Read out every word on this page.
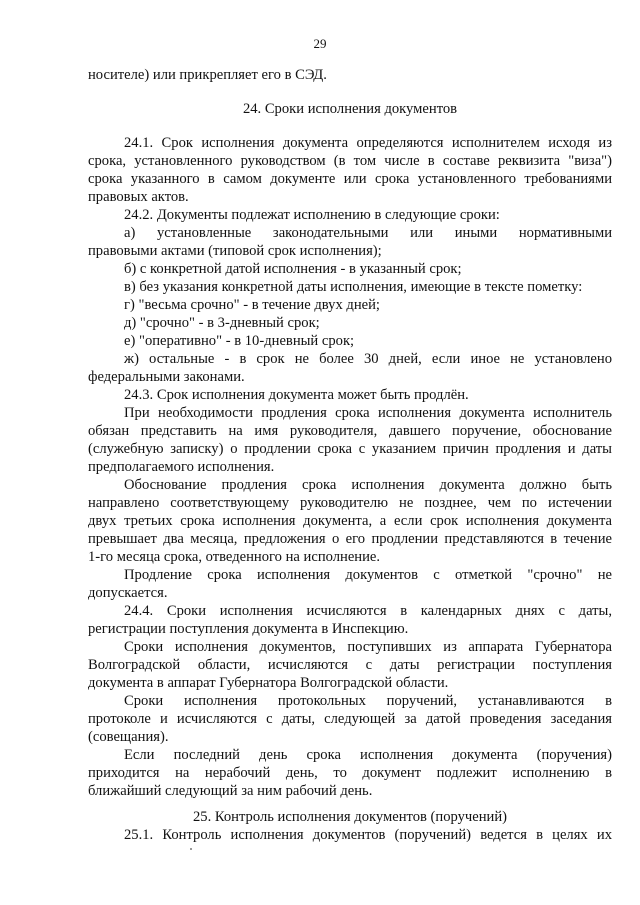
29
носителе) или прикрепляет его в СЭД.
24. Сроки исполнения документов
24.1. Срок исполнения документа определяются исполнителем исходя из
срока, установленного руководством (в том числе в составе реквизита "виза")
срока указанного в самом документе или срока установленного требованиями
правовых актов.
24.2. Документы подлежат исполнению в следующие сроки:
а) установленные законодательными или иными нормативными
правовыми актами (типовой срок исполнения);
б) с конкретной датой исполнения - в указанный срок;
в) без указания конкретной даты исполнения, имеющие в тексте пометку:
г) "весьма срочно" - в течение двух дней;
д) "срочно" - в 3-дневный срок;
е) "оперативно" - в 10-дневный срок;
ж) остальные - в срок не более 30 дней, если иное не установлено
федеральными законами.
24.3. Срок исполнения документа может быть продлён.
При необходимости продления срока исполнения документа исполнитель
обязан представить на имя руководителя, давшего поручение, обоснование
(служебную записку) о продлении срока с указанием причин продления и даты
предполагаемого исполнения.
Обоснование продления срока исполнения документа должно быть
направлено соответствующему руководителю не позднее, чем по истечении
двух третьих срока исполнения документа, а если срок исполнения документа
превышает два месяца, предложения о его продлении представляются в течение
1-го месяца срока, отведенного на исполнение.
Продление срока исполнения документов с отметкой "срочно" не
допускается.
24.4. Сроки исполнения исчисляются в календарных днях с даты,
регистрации поступления документа в Инспекцию.
Сроки исполнения документов, поступивших из аппарата Губернатора
Волгоградской области, исчисляются с даты регистрации поступления
документа в аппарат Губернатора Волгоградской области.
Сроки исполнения протокольных поручений, устанавливаются в
протоколе и исчисляются с даты, следующей за датой проведения заседания
(совещания).
Если последний день срока исполнения документа (поручения)
приходится на нерабочий день, то документ подлежит исполнению в
ближайший следующий за ним рабочий день.
25. Контроль исполнения документов (поручений)
25.1. Контроль исполнения документов (поручений) ведется в целях их
